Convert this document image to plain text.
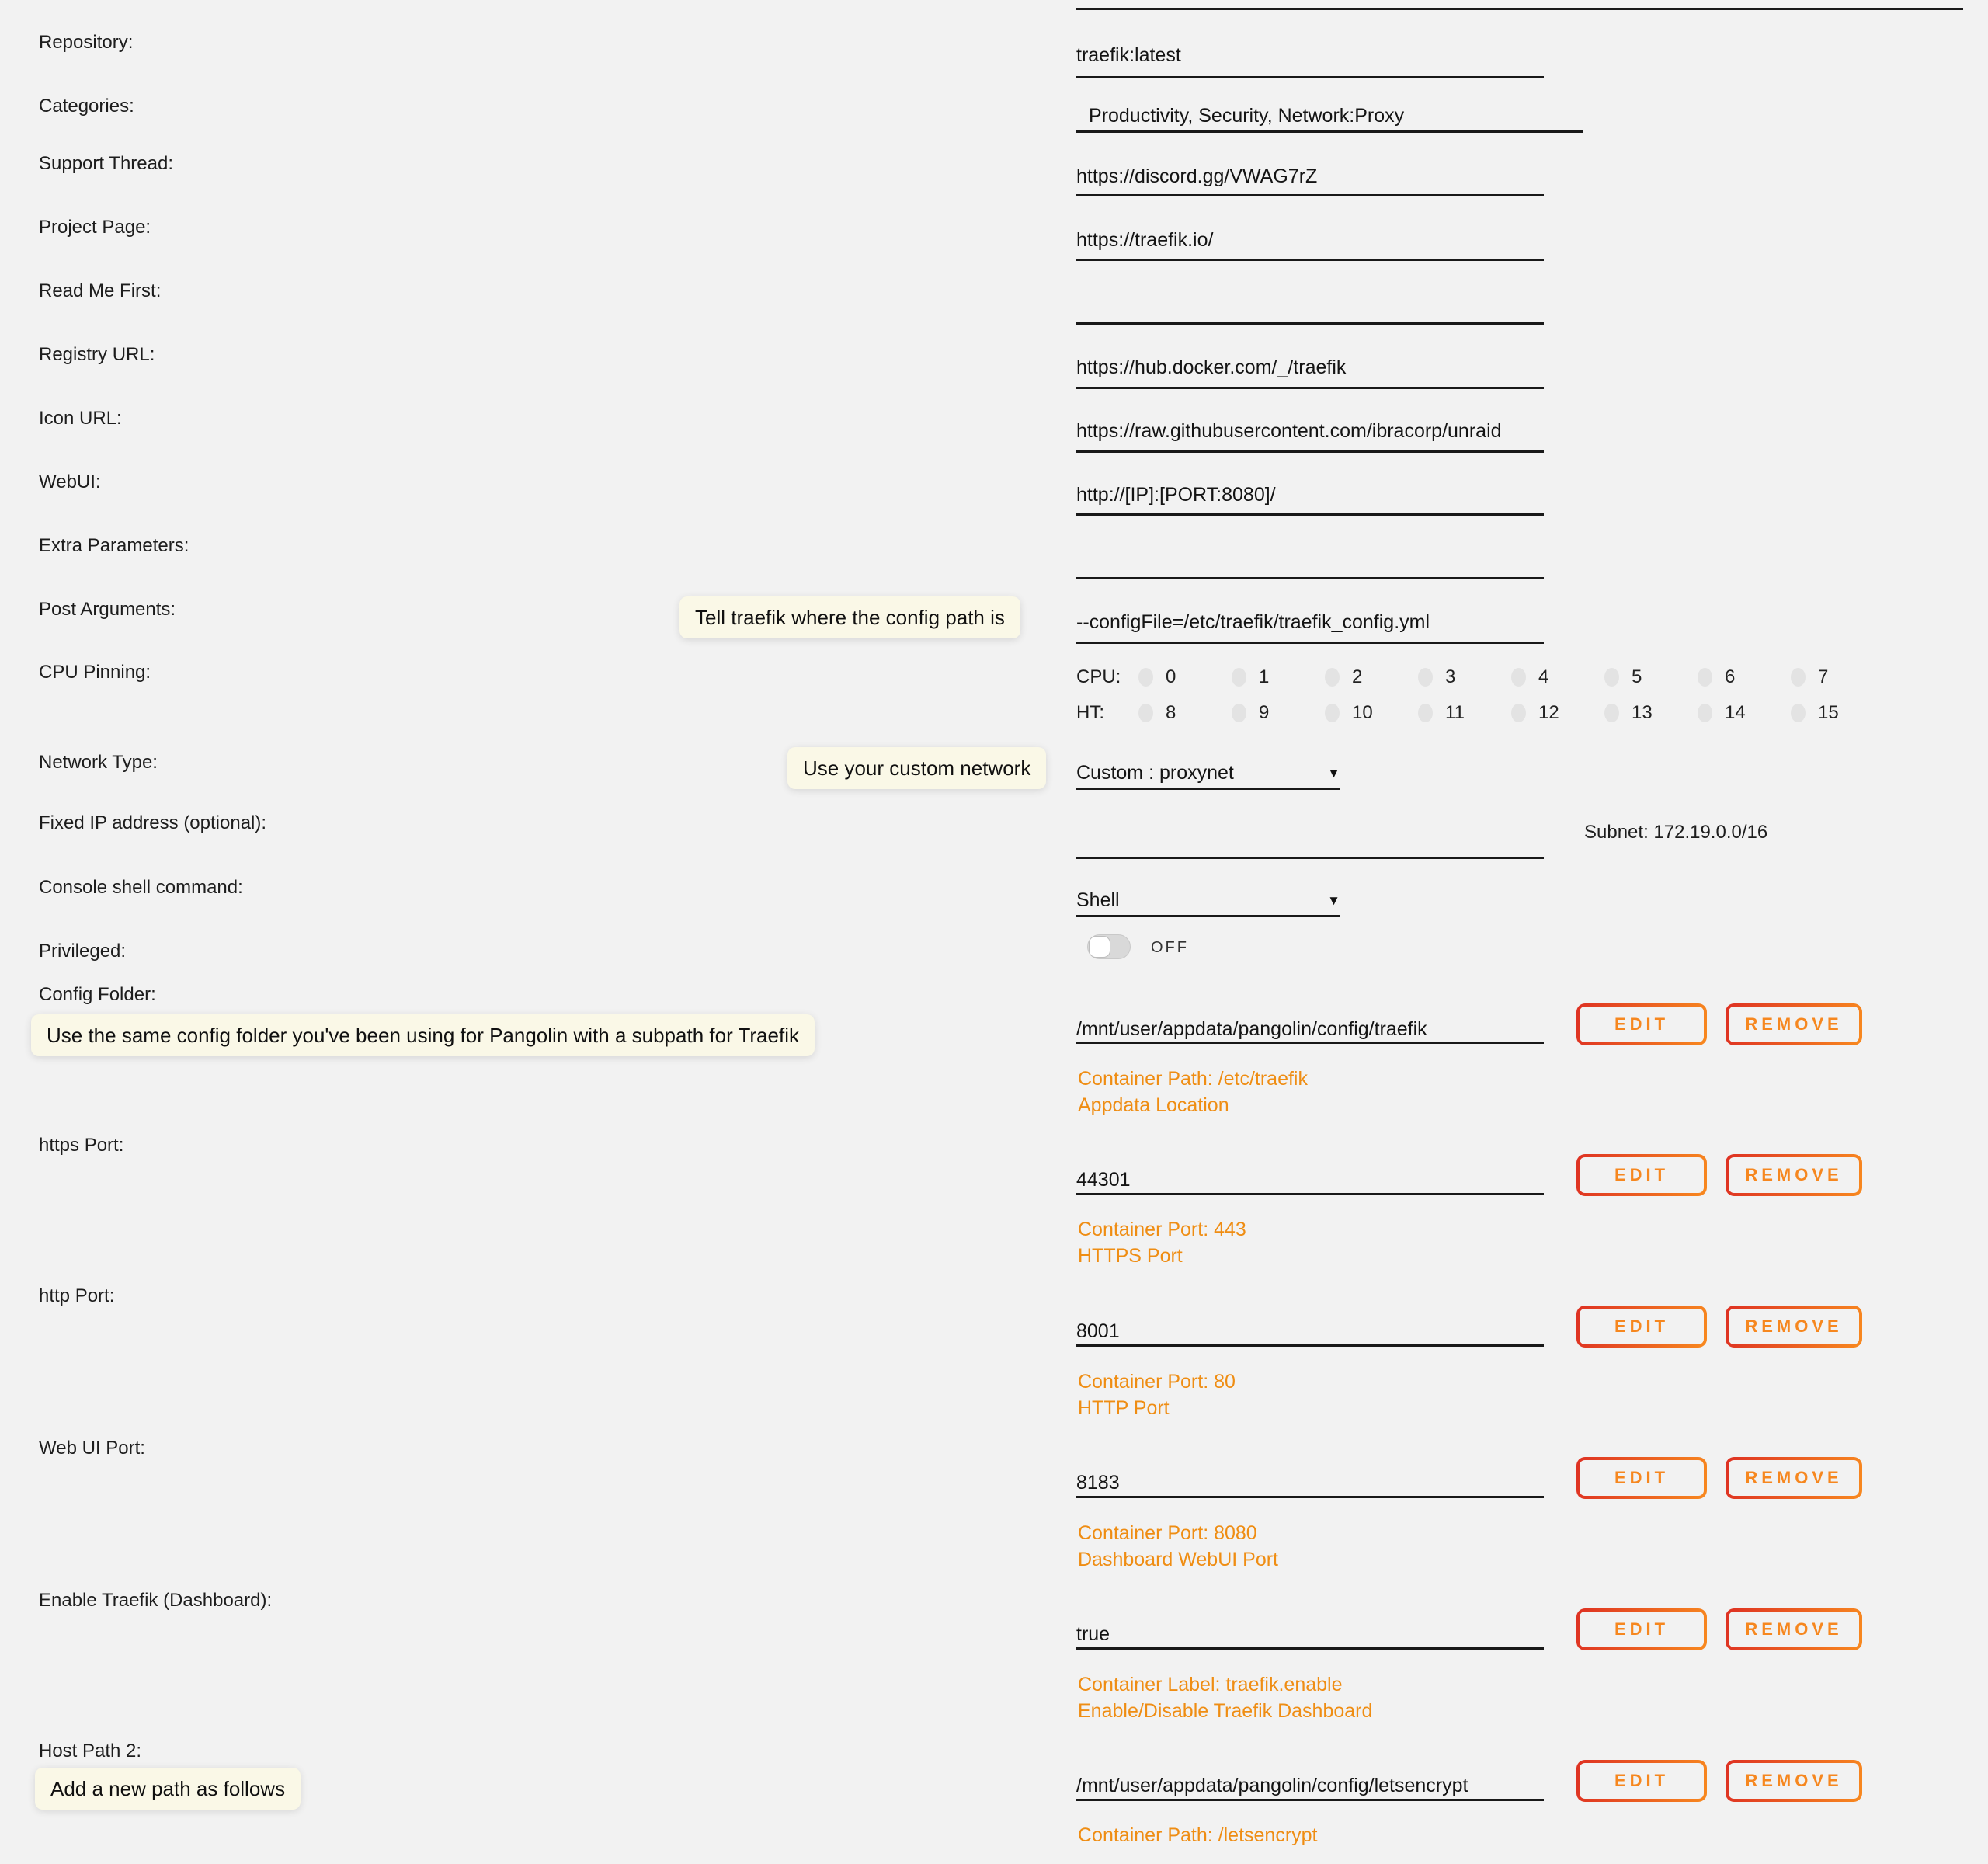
Repository:
traefik:latest
Categories:	Productivity, Security, Network:Proxy
Support Thread:
https://discord.gg/VWAG7rZ
Project Page:
https://traefik.io/
Read Me First:
Registry URL:
https://hub.docker.com/_/traefik
Icon URL:
https://raw.githubusercontent.com/ibracorp/unraid
WebUI:
http://[IP]:[PORT:8080]/
Extra Parameters:
Post Arguments:	Tell traefik where the config path is	--configFile=/etc/traefik/traefik_config.yml
CPU Pinning:	CPU:	0	1	2	3	4	5	6	7
HT:	8	9	10	11	12	13	14	15
Network Type:	Use your custom network	Custom : proxynet	▼
Fixed IP address (optional):	Subnet: 172.19.0.0/16
Console shell command:
Shell	▼
Privileged:	OFF
Config Folder:
Use the same config folder you've been using for Pangolin with a subpath for Traefik	/mnt/user/appdata/pangolin/config/traefik	EDIT	REMOVE
Container Path: /etc/traefik
Appdata Location
https Port:
44301	EDIT	REMOVE
Container Port: 443
HTTPS Port
http Port:
8001	EDIT	REMOVE
Container Port: 80
HTTP Port
Web UI Port:
8183	EDIT	REMOVE
Container Port: 8080
Dashboard WebUI Port
Enable Traefik (Dashboard):
true	EDIT	REMOVE
Container Label: traefik.enable
Enable/Disable Traefik Dashboard
Host Path 2:
Add a new path as follows	/mnt/user/appdata/pangolin/config/letsencrypt	EDIT	REMOVE
Container Path: /letsencrypt
